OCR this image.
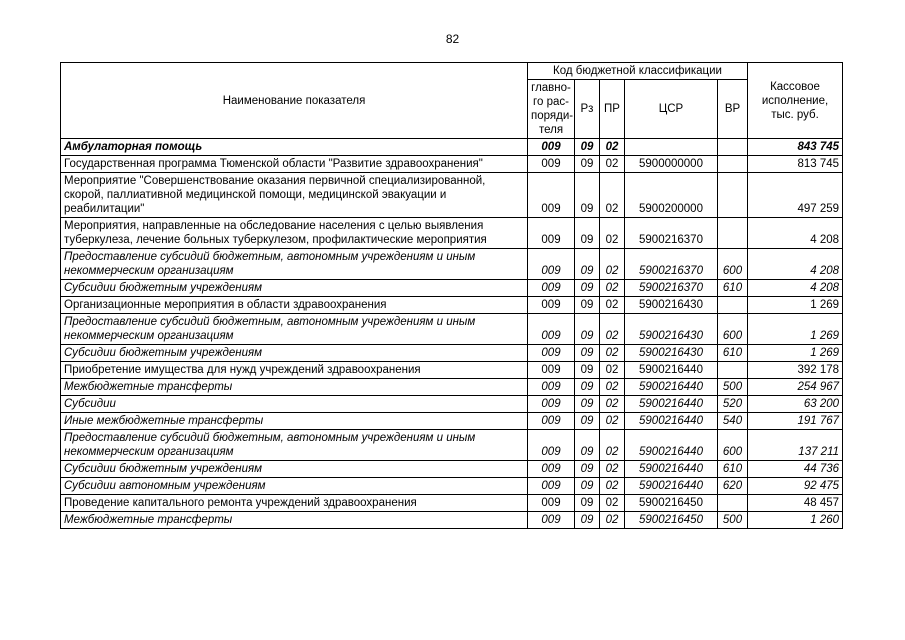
82
Наименование показателя	Код бюджетной классификации					Кассовое исполнение, тыс. руб.
	главно-го рас-поряди-теля	Рз	ПР	ЦСР	ВР	
Амбулаторная помощь	009	09	02			843 745
Государственная программа Тюменской области "Развитие здравоохранения"	009	09	02	5900000000		813 745
Мероприятие "Совершенствование оказания первичной специализированной, скорой, паллиативной медицинской помощи, медицинской эвакуации и реабилитации"	009	09	02	5900200000		497 259
Мероприятия, направленные на обследование населения с целью выявления туберкулеза, лечение больных туберкулезом, профилактические мероприятия	009	09	02	5900216370		4 208
Предоставление субсидий бюджетным, автономным учреждениям и иным некоммерческим организациям	009	09	02	5900216370	600	4 208
Субсидии бюджетным учреждениям	009	09	02	5900216370	610	4 208
Организационные мероприятия в области здравоохранения	009	09	02	5900216430		1 269
Предоставление субсидий бюджетным, автономным учреждениям и иным некоммерческим организациям	009	09	02	5900216430	600	1 269
Субсидии бюджетным учреждениям	009	09	02	5900216430	610	1 269
Приобретение имущества для нужд учреждений здравоохранения	009	09	02	5900216440		392 178
Межбюджетные трансферты	009	09	02	5900216440	500	254 967
Субсидии	009	09	02	5900216440	520	63 200
Иные межбюджетные трансферты	009	09	02	5900216440	540	191 767
Предоставление субсидий бюджетным, автономным учреждениям и иным некоммерческим организациям	009	09	02	5900216440	600	137 211
Субсидии бюджетным учреждениям	009	09	02	5900216440	610	44 736
Субсидии автономным учреждениям	009	09	02	5900216440	620	92 475
Проведение капитального ремонта учреждений здравоохранения	009	09	02	5900216450		48 457
Межбюджетные трансферты	009	09	02	5900216450	500	1 260
